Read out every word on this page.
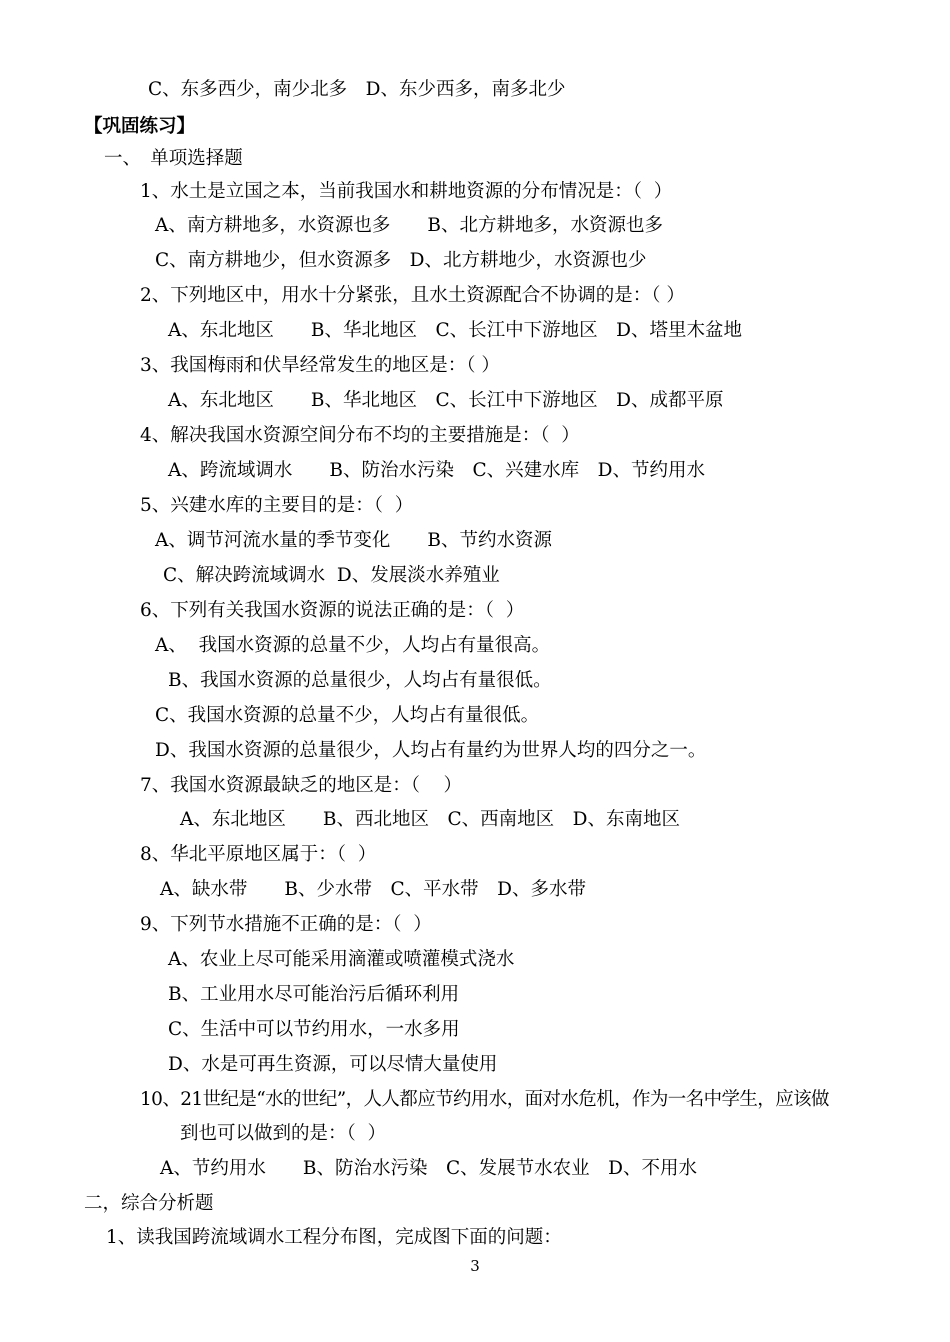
C、东多西少，南少北多　D、东少西多，南多北少
【巩固练习】
一、　单项选择题
1、水土是立国之本，当前我国水和耕地资源的分布情况是：（  ）
A、南方耕地多，水资源也多　　B、北方耕地多，水资源也多
C、南方耕地少，但水资源多　D、北方耕地少，水资源也少
2、下列地区中，用水十分紧张，且水土资源配合不协调的是：（ ）
A、东北地区　　B、华北地区　C、长江中下游地区　D、塔里木盆地
3、我国梅雨和伏旱经常发生的地区是：（ ）
A、东北地区　　B、华北地区　C、长江中下游地区　D、成都平原
4、解决我国水资源空间分布不均的主要措施是：（  ）
A、跨流域调水　　B、防治水污染　C、兴建水库　D、节约用水
5、兴建水库的主要目的是：（  ）
A、调节河流水量的季节变化　　B、节约水资源
C、解决跨流域调水  D、发展淡水养殖业
6、下列有关我国水资源的说法正确的是：（  ）
A、  我国水资源的总量不少，人均占有量很高。
B、我国水资源的总量很少，人均占有量很低。
C、我国水资源的总量不少，人均占有量很低。
D、我国水资源的总量很少，人均占有量约为世界人均的四分之一。
7、我国水资源最缺乏的地区是：（    ）
A、东北地区　　B、西北地区　C、西南地区　D、东南地区
8、华北平原地区属于：（  ）
A、缺水带　　B、少水带　C、平水带　D、多水带
9、下列节水措施不正确的是：（  ）
A、农业上尽可能采用滴灌或喷灌模式浇水
B、工业用水尽可能治污后循环利用
C、生活中可以节约用水，一水多用
D、水是可再生资源，可以尽情大量使用
10、21世纪是“水的世纪”，人人都应节约用水，面对水危机，作为一名中学生，应该做
到也可以做到的是：（  ）
A、节约用水　　B、防治水污染　C、发展节水农业　D、不用水
二，综合分析题
1、读我国跨流域调水工程分布图，完成图下面的问题：
3
